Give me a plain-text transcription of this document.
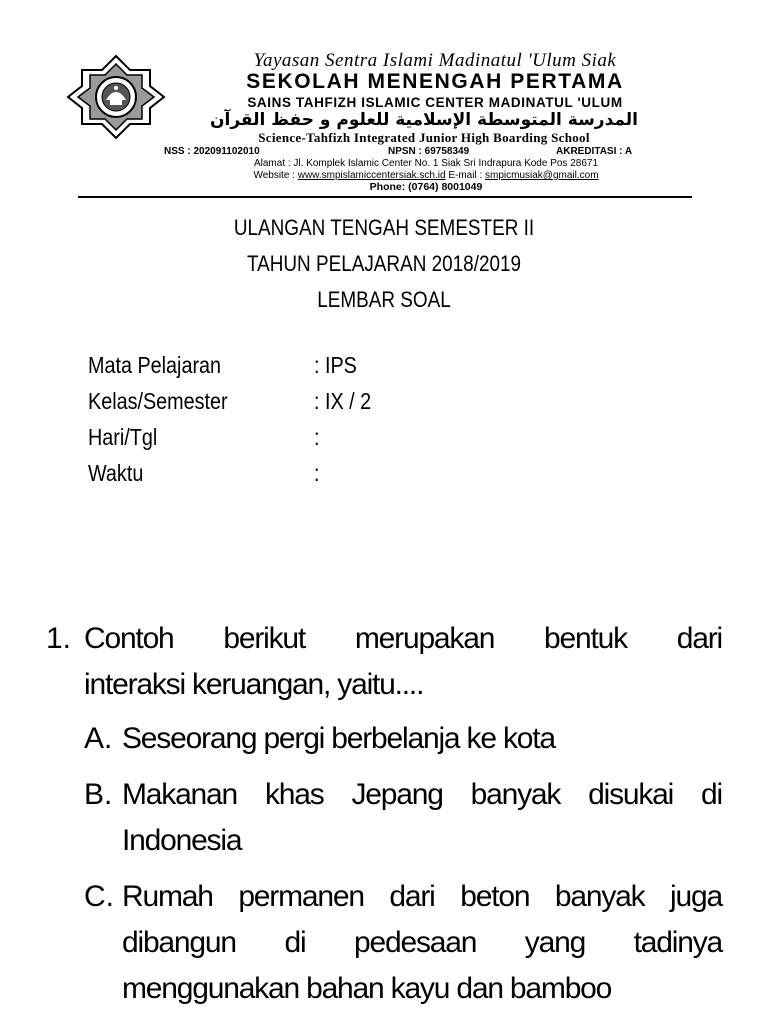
Yayasan Sentra Islami Madinatul 'Ulum Siak
SEKOLAH MENENGAH PERTAMA
SAINS TAHFIZH ISLAMIC CENTER MADINATUL 'ULUM
المدرسة المتوسطة الإسلامية للعلوم و حفظ القرآن
Science-Tahfizh Integrated Junior High Boarding School
NSS : 202091102010	NPSN : 69758349	AKREDITASI : A
Alamat : Jl. Komplek Islamic Center No. 1 Siak Sri Indrapura Kode Pos 28671
Website : www.smpislamiccentersiak.sch.id E-mail : smpicmusiak@gmail.com
Phone: (0764) 8001049
ULANGAN TENGAH SEMESTER II
TAHUN PELAJARAN 2018/2019
LEMBAR SOAL
Mata Pelajaran	: IPS
Kelas/Semester	: IX / 2
Hari/Tgl	:
Waktu	:
1. Contoh berikut merupakan bentuk dari
interaksi keruangan, yaitu....
A. Seseorang pergi berbelanja ke kota
B. Makanan khas Jepang banyak disukai di
Indonesia
C. Rumah permanen dari beton banyak juga
dibangun di pedesaan yang tadinya
menggunakan bahan kayu dan bamboo
